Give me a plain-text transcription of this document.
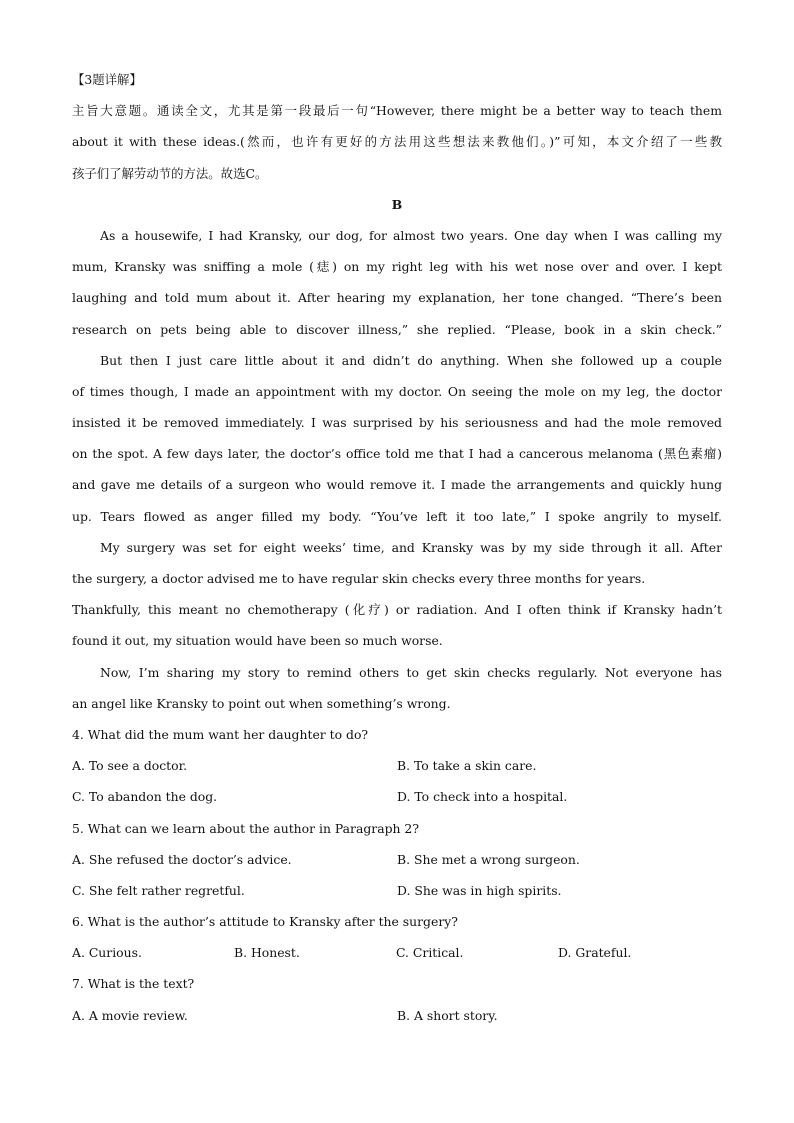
【3题详解】
主旨大意题。通读全文，尤其是第一段最后一句“However, there might be a better way to teach them
about it with these ideas.(然而，也许有更好的方法用这些想法来教他们。)”可知，本文介绍了一些教
孩子们了解劳动节的方法。故选C。
B
As a housewife, I had Kransky, our dog, for almost two years. One day when I was calling my
mum, Kransky was sniffing a mole (痣) on my right leg with his wet nose over and over. I kept
laughing and told mum about it. After hearing my explanation, her tone changed. “There’s been
research on pets being able to discover illness,” she replied. “Please, book in a skin check.”
But then I just care little about it and didn’t do anything. When she followed up a couple
of times though, I made an appointment with my doctor. On seeing the mole on my leg, the doctor
insisted it be removed immediately. I was surprised by his seriousness and had the mole removed
on the spot. A few days later, the doctor’s office told me that I had a cancerous melanoma (黑色素瘤)
and gave me details of a surgeon who would remove it. I made the arrangements and quickly hung
up. Tears flowed as anger filled my body. “You’ve left it too late,” I spoke angrily to myself.
My surgery was set for eight weeks’ time, and Kransky was by my side through it all. After
the surgery, a doctor advised me to have regular skin checks every three months for years.
Thankfully, this meant no chemotherapy (化疗) or radiation. And I often think if Kransky hadn’t
found it out, my situation would have been so much worse.
Now, I’m sharing my story to remind others to get skin checks regularly. Not everyone has
an angel like Kransky to point out when something’s wrong.
4. What did the mum want her daughter to do?
A. To see a doctor.	B. To take a skin care.
C. To abandon the dog.	D. To check into a hospital.
5. What can we learn about the author in Paragraph 2?
A. She refused the doctor’s advice.	B. She met a wrong surgeon.
C. She felt rather regretful.	D. She was in high spirits.
6. What is the author’s attitude to Kransky after the surgery?
A. Curious.	B. Honest.	C. Critical.	D. Grateful.
7. What is the text?
A. A movie review.	B. A short story.
